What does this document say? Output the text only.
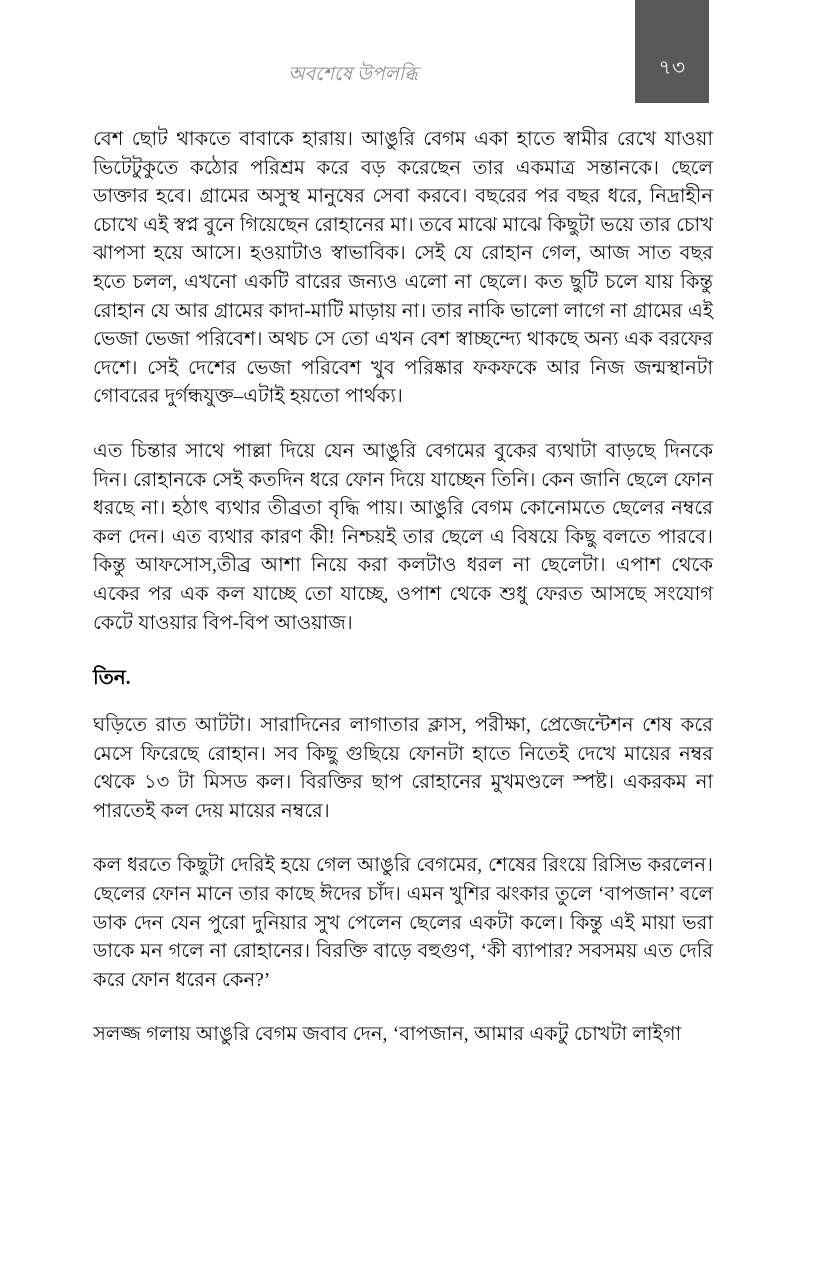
৭৩
অবশেষে উপলব্ধি

বেশ ছোট থাকতে বাবাকে হারায়। আঙুরি বেগম একা হাতে স্বামীর রেখে যাওয়া ভিটেটুকুতে কঠোর পরিশ্রম করে বড় করেছেন তার একমাত্র সন্তানকে। ছেলে ডাক্তার হবে। গ্রামের অসুস্থ মানুষের সেবা করবে। বছরের পর বছর ধরে, নিদ্রাহীন চোখে এই স্বপ্ন বুনে গিয়েছেন রোহানের মা। তবে মাঝে মাঝে কিছুটা ভয়ে তার চোখ ঝাপসা হয়ে আসে। হওয়াটাও স্বাভাবিক। সেই যে রোহান গেল, আজ সাত বছর হতে চলল, এখনো একটি বারের জন্যও এলো না ছেলে। কত ছুটি চলে যায় কিন্তু রোহান যে আর গ্রামের কাদা-মাটি মাড়ায় না। তার নাকি ভালো লাগে না গ্রামের এই ভেজা ভেজা পরিবেশ। অথচ সে তো এখন বেশ স্বাচ্ছন্দ্যে থাকছে অন্য এক বরফের দেশে। সেই দেশের ভেজা পরিবেশ খুব পরিষ্কার ফকফকে আর নিজ জন্মস্থানটা গোবরের দুর্গন্ধযুক্ত–এটাই হয়তো পার্থক্য।

এত চিন্তার সাথে পাল্লা দিয়ে যেন আঙুরি বেগমের বুকের ব্যথাটা বাড়ছে দিনকে দিন। রোহানকে সেই কতদিন ধরে ফোন দিয়ে যাচ্ছেন তিনি। কেন জানি ছেলে ফোন ধরছে না। হঠাৎ ব্যথার তীব্রতা বৃদ্ধি পায়। আঙুরি বেগম কোনোমতে ছেলের নম্বরে কল দেন। এত ব্যথার কারণ কী! নিশ্চয়ই তার ছেলে এ বিষয়ে কিছু বলতে পারবে। কিন্তু আফসোস,তীব্র আশা নিয়ে করা কলটাও ধরল না ছেলেটা। এপাশ থেকে একের পর এক কল যাচ্ছে তো যাচ্ছে, ওপাশ থেকে শুধু ফেরত আসছে সংযোগ কেটে যাওয়ার বিপ-বিপ আওয়াজ।

তিন.

ঘড়িতে রাত আটটা। সারাদিনের লাগাতার ক্লাস, পরীক্ষা, প্রেজেন্টেশন শেষ করে মেসে ফিরেছে রোহান। সব কিছু গুছিয়ে ফোনটা হাতে নিতেই দেখে মায়ের নম্বর থেকে ১৩ টা মিসড কল। বিরক্তির ছাপ রোহানের মুখমণ্ডলে স্পষ্ট। একরকম না পারতেই কল দেয় মায়ের নম্বরে।

কল ধরতে কিছুটা দেরিই হয়ে গেল আঙুরি বেগমের, শেষের রিংয়ে রিসিভ করলেন। ছেলের ফোন মানে তার কাছে ঈদের চাঁদ। এমন খুশির ঝংকার তুলে ‘বাপজান’ বলে ডাক দেন যেন পুরো দুনিয়ার সুখ পেলেন ছেলের একটা কলে। কিন্তু এই মায়া ভরা ডাকে মন গলে না রোহানের। বিরক্তি বাড়ে বহুগুণ, ‘কী ব্যাপার? সবসময় এত দেরি করে ফোন ধরেন কেন?’

সলজ্জ গলায় আঙুরি বেগম জবাব দেন, ‘বাপজান, আমার একটু চোখটা লাইগা
